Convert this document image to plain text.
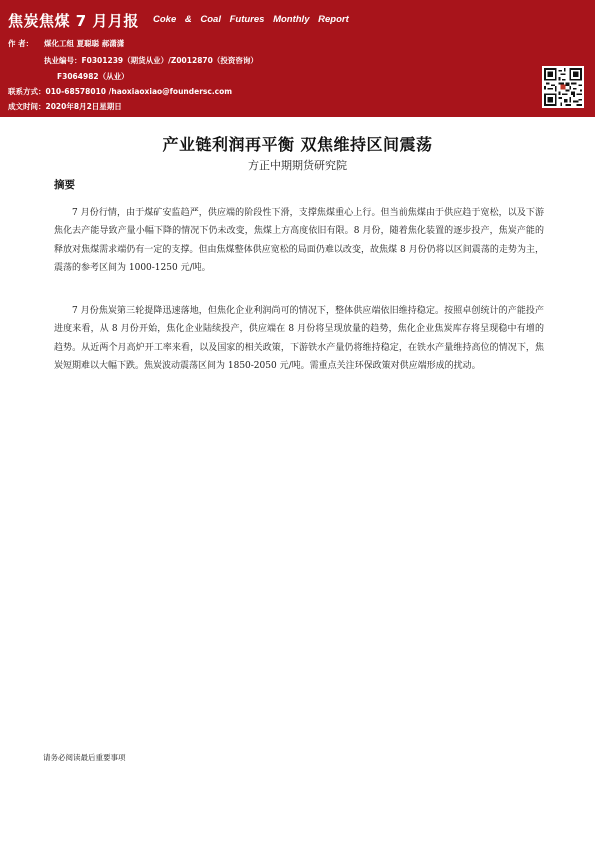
焦炭焦煤 7 月月报 Coke & Coal Futures Monthly Report
作 者： 煤化工组 夏聪聪 郝潇潇
执业编号：F0301239（期货从业）/Z0012870（投资咨询）
F3064982（从业）
联系方式：010-68578010 /haoxiaoxiao@foundersc.com
成文时间：2020年8月2日星期日
产业链利润再平衡 双焦维持区间震荡
方正中期期货研究院
摘要
7 月份行情，由于煤矿安监趋严，供应端的阶段性下滑，支撑焦煤重心上行。但当前焦煤由于供应趋于宽松，以及下游焦化去产能导致产量小幅下降的情况下仍未改变，焦煤上方高度依旧有限。8 月份，随着焦化装置的逐步投产，焦炭产能的释放对焦煤需求端仍有一定的支撑。但由焦煤整体供应宽松的局面仍难以改变，故焦煤 8 月份仍将以区间震荡的走势为主，震荡的参考区间为 1000-1250 元/吨。
7 月份焦炭第三轮提降迅速落地，但焦化企业利润尚可的情况下，整体供应端依旧维持稳定。按照卓创统计的产能投产进度来看，从 8 月份开始，焦化企业陆续投产，供应端在 8 月份将呈现放量的趋势，焦化企业焦炭库存将呈现稳中有增的趋势。从近两个月高炉开工率来看，以及国家的相关政策，下游铁水产量仍将维持稳定，在铁水产量维持高位的情况下，焦炭短期难以大幅下跌。焦炭波动震荡区间为 1850-2050 元/吨。需重点关注环保政策对供应端形成的扰动。
请务必阅读最后重要事项
